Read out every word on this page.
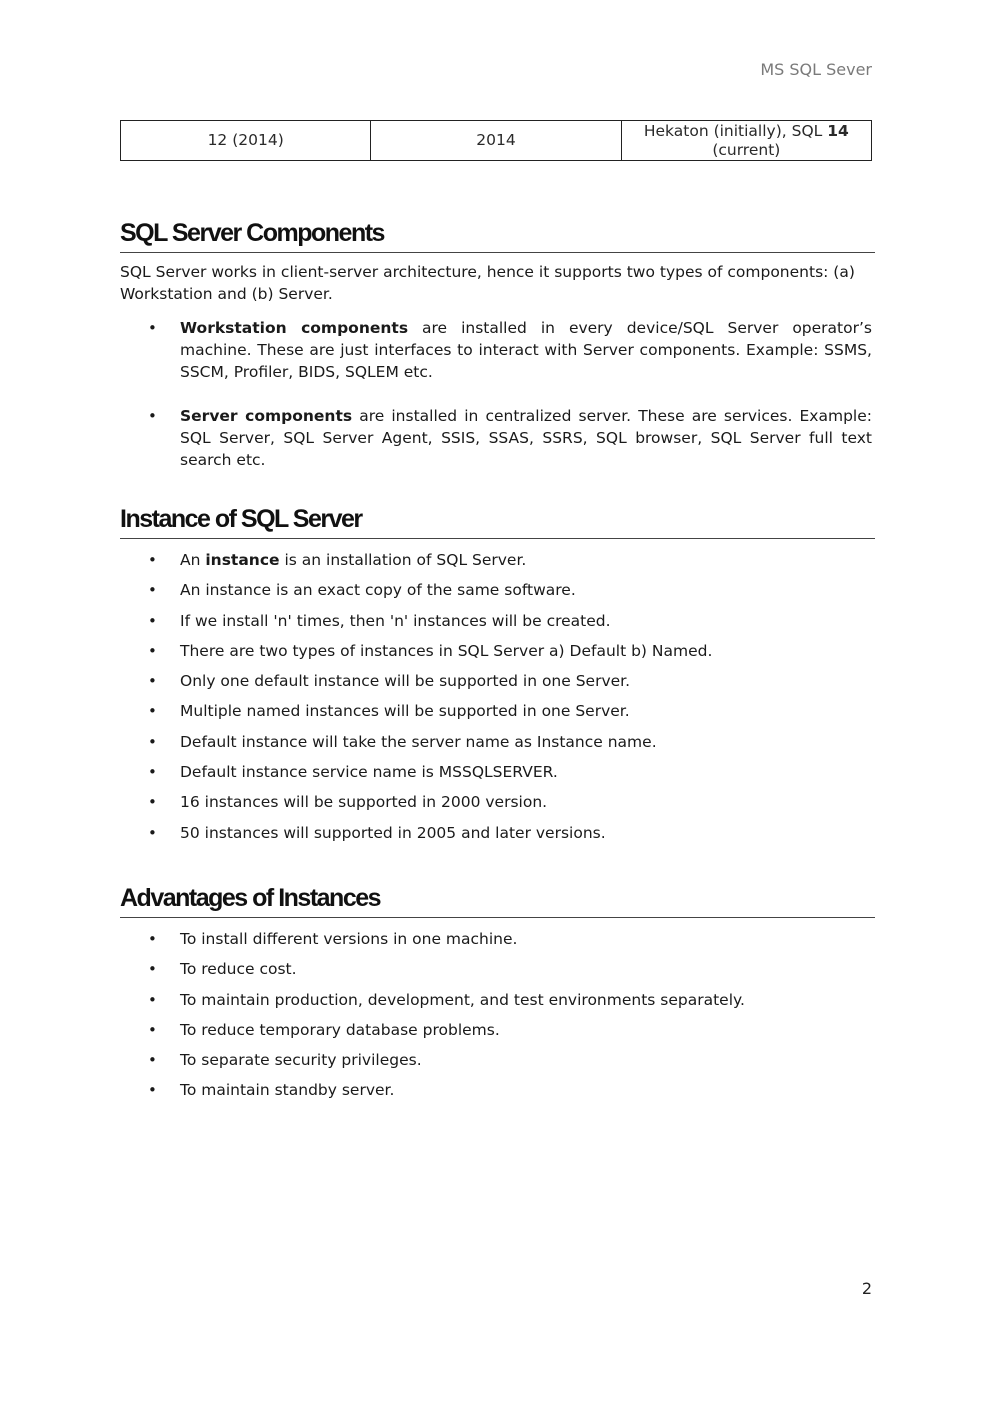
MS SQL Sever
12 (2014)	2014	Hekaton (initially), SQL 14
(current)
SQL Server Components

SQL Server works in client-server architecture, hence it supports two types of components: (a) Workstation and (b) Server.

• Workstation components are installed in every device/SQL Server operator’s machine. These are just interfaces to interact with Server components. Example: SSMS, SSCM, Profiler, BIDS, SQLEM etc.
• Server components are installed in centralized server. These are services. Example: SQL Server, SQL Server Agent, SSIS, SSAS, SSRS, SQL browser, SQL Server full text search etc.
Instance of SQL Server
• An instance is an installation of SQL Server.
• An instance is an exact copy of the same software.
• If we install 'n' times, then 'n' instances will be created.
• There are two types of instances in SQL Server a) Default b) Named.
• Only one default instance will be supported in one Server.
• Multiple named instances will be supported in one Server.
• Default instance will take the server name as Instance name.
• Default instance service name is MSSQLSERVER.
• 16 instances will be supported in 2000 version.
• 50 instances will supported in 2005 and later versions.
Advantages of Instances
• To install different versions in one machine.
• To reduce cost.
• To maintain production, development, and test environments separately.
• To reduce temporary database problems.
• To separate security privileges.
• To maintain standby server.
2
